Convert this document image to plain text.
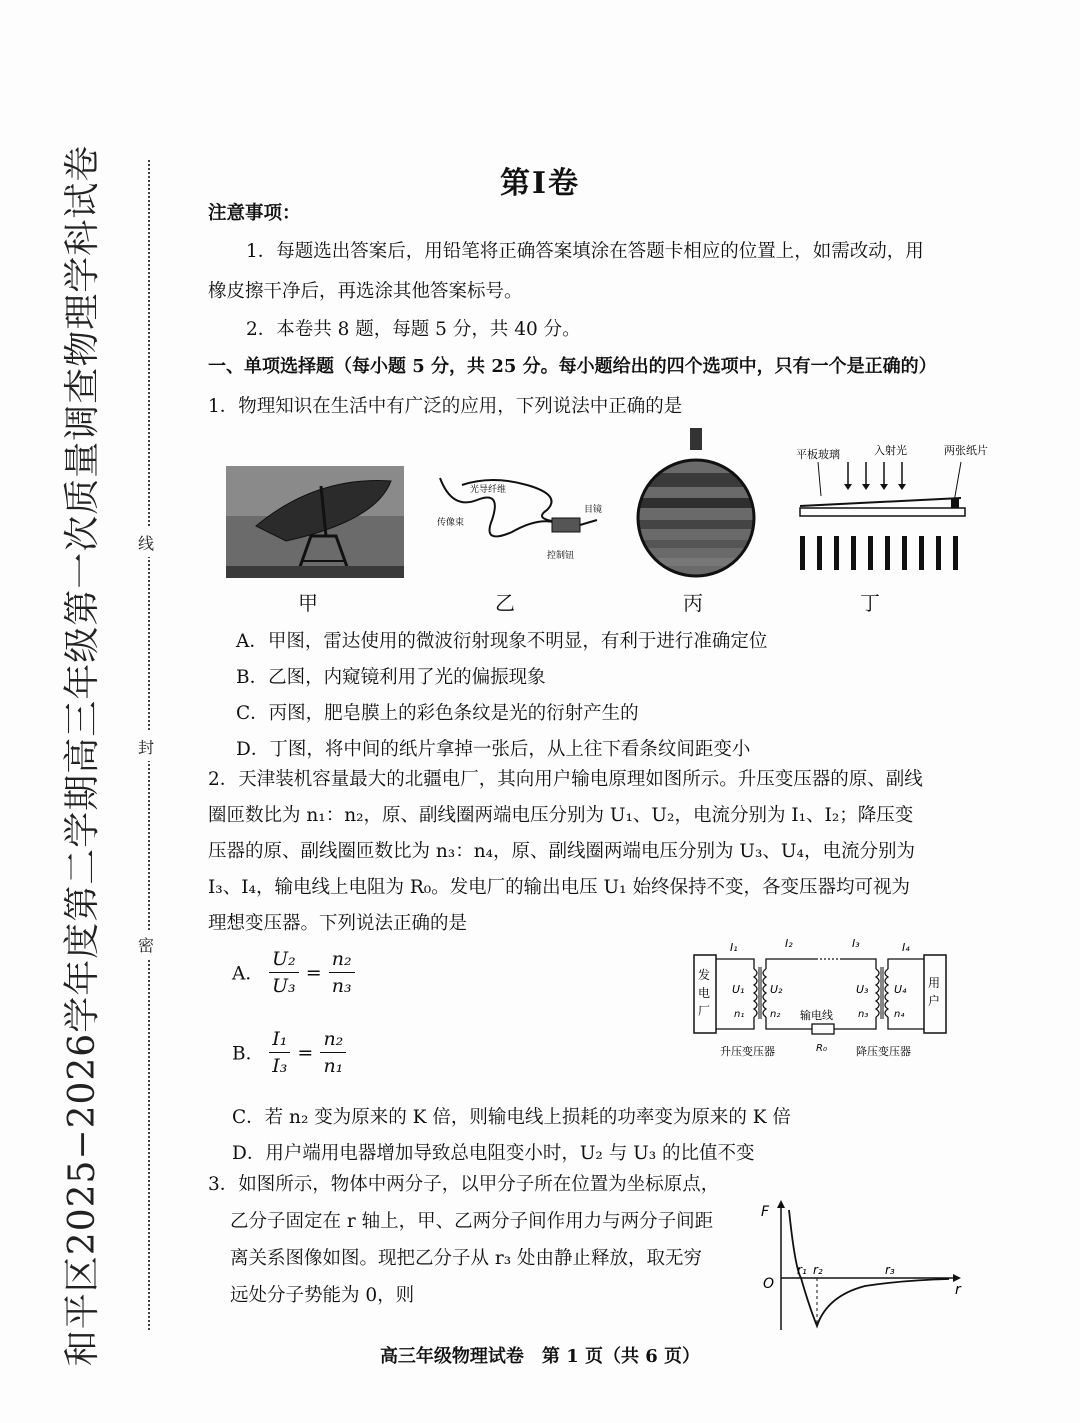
和平区2025−2026学年度第二学期高三年级第一次质量调查物理学科试卷 线
封
密
第Ⅰ卷
注意事项：
1．每题选出答案后，用铅笔将正确答案填涂在答题卡相应的位置上，如需改动，用
橡皮擦干净后，再选涂其他答案标号。
2．本卷共 8 题，每题 5 分，共 40 分。
一、单项选择题（每小题 5 分，共 25 分。每小题给出的四个选项中，只有一个是正确的）
1．物理知识在生活中有广泛的应用，下列说法中正确的是
光导纤维
传像束
目镜
控制钮
平板玻璃	入射光	两张纸片
甲	乙	丙	丁
A．甲图，雷达使用的微波衍射现象不明显，有利于进行准确定位
B．乙图，内窥镜利用了光的偏振现象
C．丙图，肥皂膜上的彩色条纹是光的衍射产生的
D．丁图，将中间的纸片拿掉一张后，从上往下看条纹间距变小
2．天津装机容量最大的北疆电厂，其向用户输电原理如图所示。升压变压器的原、副线
圈匝数比为 n₁：n₂，原、副线圈两端电压分别为 U₁、U₂，电流分别为 I₁、I₂；降压变
压器的原、副线圈匝数比为 n₃：n₄，原、副线圈两端电压分别为 U₃、U₄，电流分别为
I₃、I₄，输电线上电阻为 R₀。发电厂的输出电压 U₁ 始终保持不变，各变压器均可视为
理想变压器。下列说法正确的是
A． $\frac{\text{U₂}}{\text{U₃}} = \frac{\text{n₂}}{\text{n₃}}$
B． $\frac{\text{I₁}}{\text{I₃}} = \frac{\text{n₂}}{\text{n₁}}$
发
电
厂
用
户
I₁	I₂	I₃	I₄
U₁ U₂	U₃ U₄
n₁	n₂	n₃	n₄
输电线
R₀
升压变压器	降压变压器
C．若 n₂ 变为原来的 K 倍，则输电线上损耗的功率变为原来的 K 倍
D．用户端用电器增加导致总电阻变小时，U₂ 与 U₃ 的比值不变
3．如图所示，物体中两分子，以甲分子所在位置为坐标原点，
乙分子固定在 r 轴上，甲、乙两分子间作用力与两分子间距
离关系图像如图。现把乙分子从 r₃ 处由静止释放，取无穷
远处分子势能为 0，则
F
r
O
r₁ r₂	r₃
高三年级物理试卷　第 1 页（共 6 页）
